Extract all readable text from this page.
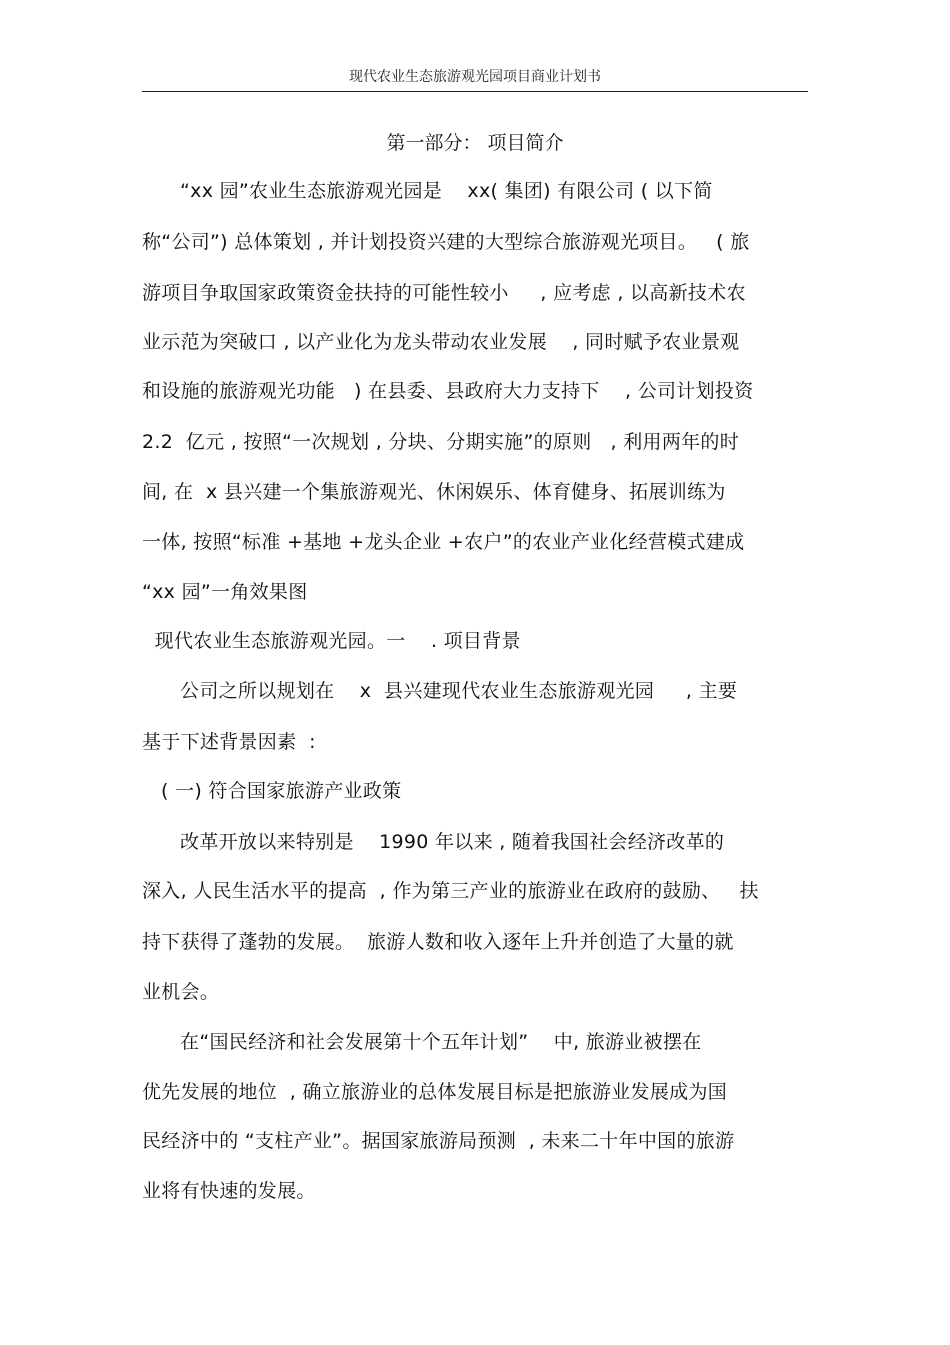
现代农业生态旅游观光园项目商业计划书
第一部分： 项目简介
“xx 园”农业生态旅游观光园是    xx( 集团) 有限公司 ( 以下简
称“公司”) 总体策划 , 并计划投资兴建的大型综合旅游观光项目。   ( 旅
游项目争取国家政策资金扶持的可能性较小     , 应考虑 , 以高新技术农
业示范为突破口 , 以产业化为龙头带动农业发展    , 同时赋予农业景观
和设施的旅游观光功能   ) 在县委、县政府大力支持下    , 公司计划投资
2.2  亿元 , 按照“一次规划 , 分块、分期实施”的原则   , 利用两年的时
间, 在  x 县兴建一个集旅游观光、休闲娱乐、体育健身、拓展训练为
一体, 按照“标准 +基地 +龙头企业 +农户”的农业产业化经营模式建成
“xx 园”一角效果图
现代农业生态旅游观光园。一    . 项目背景
公司之所以规划在    x  县兴建现代农业生态旅游观光园     , 主要
基于下述背景因素  :
( 一) 符合国家旅游产业政策
改革开放以来特别是    1990 年以来 , 随着我国社会经济改革的
深入, 人民生活水平的提高  , 作为第三产业的旅游业在政府的鼓励、   扶
持下获得了蓬勃的发展。  旅游人数和收入逐年上升并创造了大量的就
业机会。
在“国民经济和社会发展第十个五年计划”    中, 旅游业被摆在
优先发展的地位  , 确立旅游业的总体发展目标是把旅游业发展成为国
民经济中的 “支柱产业”。据国家旅游局预测  , 未来二十年中国的旅游
业将有快速的发展。
